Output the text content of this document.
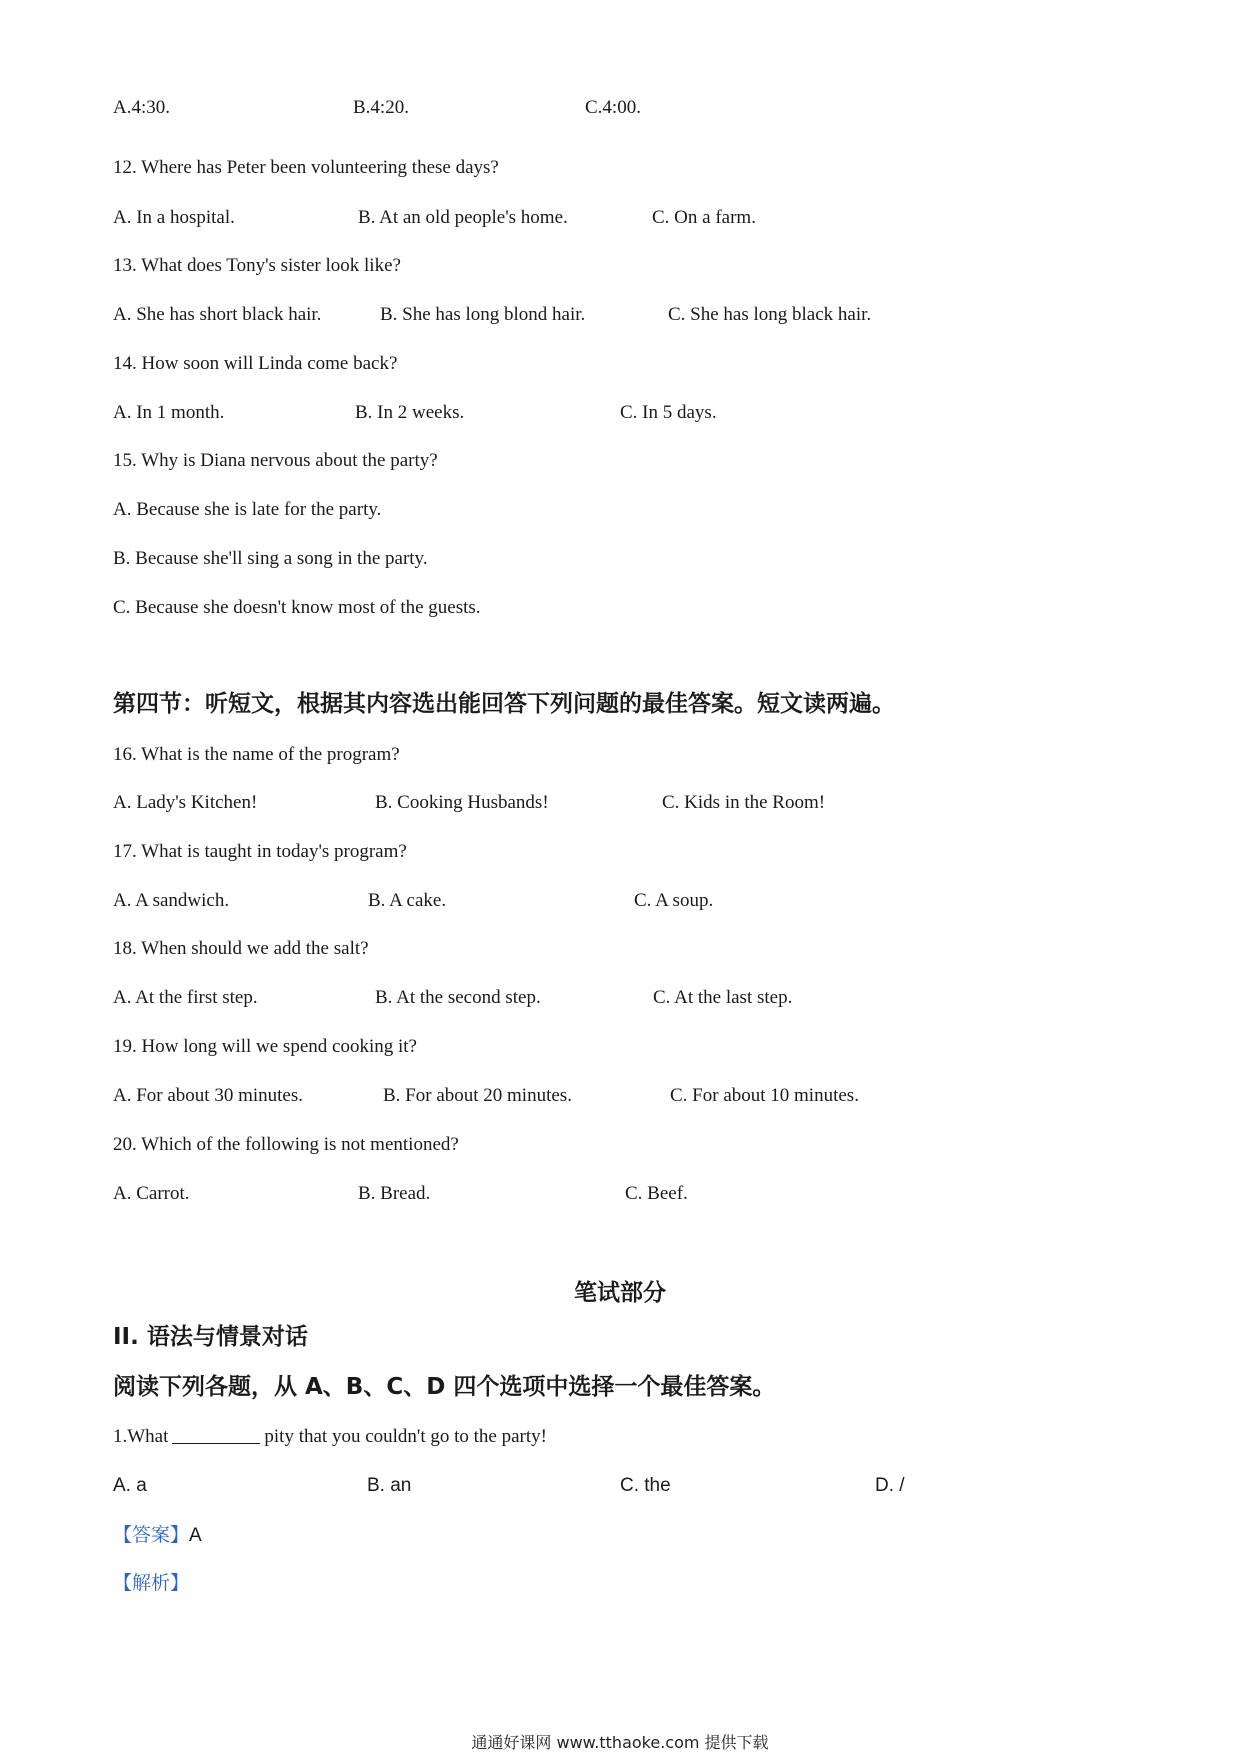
A.4:30.	B.4:20.	C.4:00.
12. Where has Peter been volunteering these days?
A. In a hospital.	B. At an old people's home.	C. On a farm.
13. What does Tony's sister look like?
A. She has short black hair.	B. She has long blond hair.	C. She has long black hair.
14. How soon will Linda come back?
A. In 1 month.	B. In 2 weeks.	C. In 5 days.
15. Why is Diana nervous about the party?
A. Because she is late for the party.
B. Because she'll sing a song in the party.
C. Because she doesn't know most of the guests.
第四节：听短文，根据其内容选出能回答下列问题的最佳答案。短文读两遍。
16. What is the name of the program?
A. Lady's Kitchen!	B. Cooking Husbands!	C. Kids in the Room!
17. What is taught in today's program?
A. A sandwich.	B. A cake.	C. A soup.
18. When should we add the salt?
A. At the first step.	B. At the second step.	C. At the last step.
19. How long will we spend cooking it?
A. For about 30 minutes.	B. For about 20 minutes.	C. For about 10 minutes.
20. Which of the following is not mentioned?
A. Carrot.	B. Bread.	C. Beef.
笔试部分
II. 语法与情景对话
阅读下列各题，从 A、B、C、D 四个选项中选择一个最佳答案。
1.What	pity that you couldn't go to the party!
A. a	B. an	C. the	D. /
【答案】A
【解析】
通通好课网 www.tthaoke.com 提供下载
